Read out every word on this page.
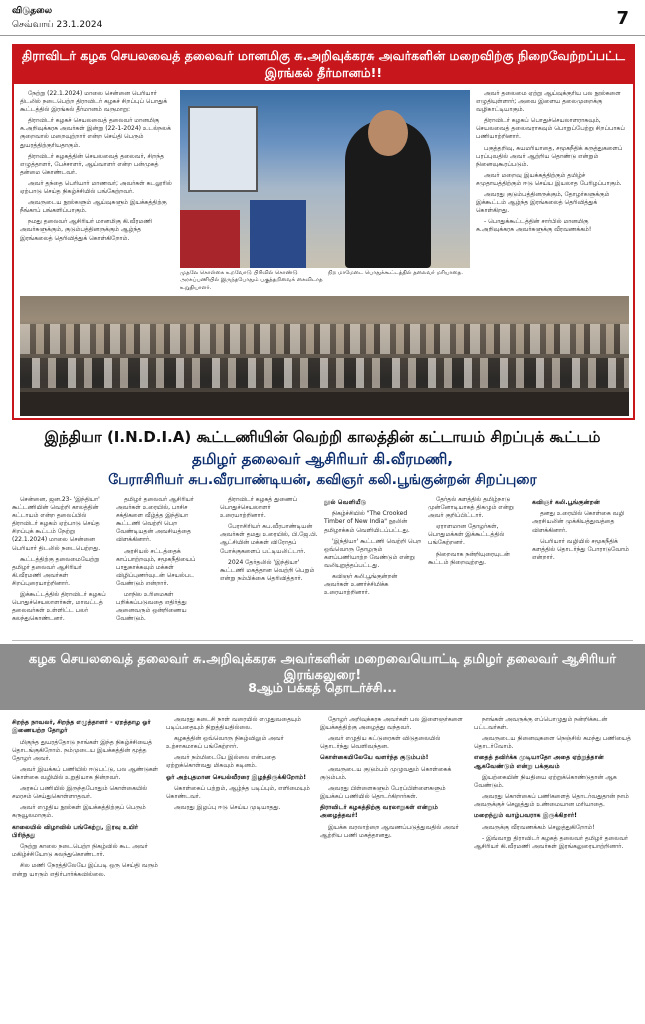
விடுதலை
செவ்வாய் 23.1.2024	7
திராவிடர் கழக செயலவைத் தலைவர் மானமிகு சு.அறிவுக்கரசு அவர்களின் மறைவிற்கு நிறைவேற்றப்பட்ட இரங்கல் தீர்மானம்!!

நேற்று (22.1.2024) மாலை சென்னை பெரியார் திடலில் நடைபெற்ற திராவிடர் கழகச் சிறப்புப் பொதுக் கூட்டத்தில் இரங்கல் தீர்மானம் வருமாறு:

திராவிடர் கழகச் செயலவைத் தலைவர் மானமிகு சு.அறிவுக்கரசு அவர்கள் இன்று (22-1-2024) உடல்நலக் குறைவால் மறைவுற்றார் என்ற செய்தி பெரும் துயரத்திற்குரியதாகும்.

திராவிடர் கழகத்தின் செயலவைத் தலைவர், சிறந்த எழுத்தாளர், பேச்சாளர், ஆய்வாளர் என்ற பன்முகத் தன்மை கொண்டவர்.

அவர் தந்தை பெரியார் மாணவர்; அவர்கள் கடலூரில் ஏற்பாடு செய்த நிகழ்ச்சியில் பங்கேற்றவர்.

அவருடைய நூல்களும் ஆய்வுகளும் இயக்கத்திற்கு நீங்காப் பங்களிப்பாகும்.

நமது தலைவர் ஆசிரியர் மானமிகு கி.வீரமணி அவர்களுக்கும், குடும்பத்தினருக்கும் ஆழ்ந்த இரங்கலைத் தெரிவித்துக் கொள்கிறோம்.

முதலே கொள்கை உறவோடு பிரிவில் கொண்டு அரசுப்பணியில் இருந்தபோதும் பகுத்தறிவைக் கைவிடாத உறுதியாளர்.
நிற மாமேடை பொதுக்கூட்டத்தில் தலைவர் மரியாதை.

அவர் தலைமை ஏற்று ஆய்வுக்குரிய பல நூல்களை எழுதியுள்ளார்; அவை இளைய தலைமுறைக்கு வழிகாட்டியாகும்.

திராவிடர் கழகப் பொதுச்செயலாளராகவும், செயலவைத் தலைவராகவும் பொறுப்பேற்று சிறப்பாகப் பணியாற்றினார்.

பகுத்தறிவு, சுயமரியாதை, சமூகநீதிக் கருத்துகளைப் பரப்புவதில் அவர் ஆற்றிய தொண்டு என்றும் நினைவுகூரப்படும்.

அவர் மறைவு இயக்கத்திற்கும் தமிழ்ச் சமுதாயத்திற்கும் ஈடு செய்ய இயலாத பேரிழப்பாகும்.

அவரது குடும்பத்தினருக்கும், தோழர்களுக்கும் இக்கூட்டம் ஆழ்ந்த இரங்கலைத் தெரிவித்துக் கொள்கிறது.

- பொதுக்கூட்டத்தின் சார்பில் மானமிகு சு.அறிவுக்கரசு அவர்களுக்கு வீரவணக்கம்!

இந்தியா (I.N.D.I.A) கூட்டணியின் வெற்றி காலத்தின் கட்டாயம் சிறப்புக் கூட்டம்
தமிழர் தலைவர் ஆசிரியர் கி.வீரமணி,
பேராசிரியர் சுப.வீரபாண்டியன், கவிஞர் கலி.பூங்குன்றன் சிறப்புரை

சென்னை, ஜன.23- 'இந்தியா' கூட்டணியின் வெற்றி காலத்தின் கட்டாயம் என்ற தலைப்பில் திராவிடர் கழகம் ஏற்பாடு செய்த சிறப்புக் கூட்டம் நேற்று (22.1.2024) மாலை சென்னை பெரியார் திடலில் நடைபெற்றது.

கூட்டத்திற்கு தலைமையேற்று தமிழர் தலைவர் ஆசிரியர் கி.வீரமணி அவர்கள் சிறப்புரையாற்றினார்.

இக்கூட்டத்தில் திராவிடர் கழகப் பொதுச்செயலாளர்கள், மாவட்டத் தலைவர்கள் உள்ளிட்ட பலர் கலந்துகொண்டனர்.

தமிழர் தலைவர் ஆசிரியர் அவர்கள் உரையில், பாசிச சக்திகளை வீழ்த்த இந்தியா கூட்டணி வெற்றி பெற வேண்டியதன் அவசியத்தை விளக்கினார்.

அரசியல் சட்டத்தைக் காப்பாற்றவும், சமூகநீதியைப் பாதுகாக்கவும் மக்கள் விழிப்புணர்வுடன் செயல்பட வேண்டும் என்றார்.

மாநில உரிமைகள் பறிக்கப்படுவதை எதிர்த்து அனைவரும் ஒன்றிணைய வேண்டும்.

திராவிடர் கழகத் துணைப் பொதுச்செயலாளர் உரையாற்றினார்.

பேராசிரியர் சுப.வீரபாண்டியன் அவர்கள் தமது உரையில், பி.ஜே.பி. ஆட்சியின் மக்கள் விரோதப் போக்குகளைப் பட்டியலிட்டார்.

2024 தேர்தலில் 'இந்தியா' கூட்டணி மகத்தான வெற்றி பெறும் என்று நம்பிக்கை தெரிவித்தார்.

நூல் வெளியீடு

நிகழ்ச்சியில் "The Crooked Timber of New India" நூலின் தமிழாக்கம் வெளியிடப்பட்டது.

'இந்தியா' கூட்டணி வெற்றி பெற ஒவ்வொரு தோழரும் களப்பணியாற்ற வேண்டும் என்று வலியுறுத்தப்பட்டது.

கவிஞர் கலி.பூங்குன்றன் அவர்கள் உணர்ச்சிமிக்க உரையாற்றினார்.

தேர்தல் களத்தில் தமிழ்நாடு முன்னோடியாகத் திகழும் என்று அவர் குறிப்பிட்டார்.

ஏராளமான தோழர்கள், பொதுமக்கள் இக்கூட்டத்தில் பங்கேற்றனர்.

நிறைவாக நன்றியுரையுடன் கூட்டம் நிறைவுற்றது.

கவிஞர் கலி.பூங்குன்றன்

தனது உரையில் கொள்கை வழி அரசியலின் முக்கியத்துவத்தை விளக்கினார்.

பெரியார் வழியில் சமூகநீதிக் களத்தில் தொடர்ந்து போராடுவோம் என்றார்.

கழக செயலவைத் தலைவர் சு.அறிவுக்கரசு அவர்களின் மறைவையொட்டி தமிழர் தலைவர் ஆசிரியர் இரங்கலுரை!
8ஆம் பக்கத் தொடர்ச்சி...

சிறந்த நாவலர், சிறந்த எழுத்தாளர் - ஏறத்தாழ ஓர் இணையற்ற தோழர்

மிகுந்த துயரத்தோடு நாங்கள் இந்த நிகழ்ச்சியைத் தொடங்குகிறோம். நம்முடைய இயக்கத்தின் மூத்த தோழர் அவர்.

அவர் இயக்கப் பணியில் ஈடுபட்டு, பல ஆண்டுகள் கொள்கை வழியில் உறுதியாக நின்றவர்.

அரசுப் பணியில் இருந்தபோதும் கொள்கையில் சமரசம் செய்துகொள்ளாதவர்.

அவர் எழுதிய நூல்கள் இயக்கத்திற்குப் பெரும் கருவூலமாகும்.

காலையில் விழாவில் பங்கேற்று, இரவு உயிர் பிரிந்தது

நேற்று காலை நடைபெற்ற நிகழ்வில் கூட அவர் மகிழ்ச்சியோடு கலந்துகொண்டார்.

சில மணி நேரத்திலேயே இப்படி ஒரு செய்தி வரும் என்று யாரும் எதிர்பார்க்கவில்லை.

அவரது கடைசி நாள் வரையில் எழுதுவதையும் படிப்பதையும் நிறுத்தியதில்லை.

கழகத்தின் ஒவ்வொரு நிகழ்விலும் அவர் உற்சாகமாகப் பங்கேற்றார்.

அவர் நம்மிடையே இல்லை என்பதை ஏற்றுக்கொள்வது மிகவும் கடினம்.

ஓர் அற்புதமான செயல்வீரரை இழந்திருக்கிறோம்!

கொள்கைப் பற்றும், ஆழ்ந்த படிப்பும், எளிமையும் கொண்டவர்.

அவரது இழப்பு ஈடு செய்ய முடியாதது.

தோழர் அறிவுக்கரசு அவர்கள் பல இளைஞர்களை இயக்கத்திற்கு அழைத்து வந்தவர்.

அவர் எழுதிய கட்டுரைகள் விடுதலையில் தொடர்ந்து வெளிவந்தன.

கொள்கையிலேயே வளர்ந்த குடும்பம்!

அவருடைய குடும்பம் முழுவதும் கொள்கைக் குடும்பம்.

அவரது பிள்ளைகளும் பேரப்பிள்ளைகளும் இயக்கப் பணியில் தொடர்கிறார்கள்.

திராவிடர் கழகத்திற்கு வரலாறுகள் என்றும் அழைத்தவர்!

இயக்க வரலாற்றை ஆவணப்படுத்துவதில் அவர் ஆற்றிய பணி மகத்தானது.

நாங்கள் அவருக்கு எப்பொழுதும் நன்றிக்கடன் பட்டவர்கள்.

அவருடைய நினைவுகளை நெஞ்சில் சுமந்து பணியைத் தொடர்வோம்.

எதைத் தவிர்க்க முடியாதோ அதை ஏற்றுத்தான் ஆகவேண்டும் என்று பக்குவம்

இயற்கையின் நியதியை ஏற்றுக்கொண்டுதான் ஆக வேண்டும்.

அவரது கொள்கைப் பணிகளைத் தொடர்வதுதான் நாம் அவருக்குச் செலுத்தும் உண்மையான மரியாதை.

மறைந்தும் வாழ்பவராக இருக்கிறார்!

அவருக்கு வீரவணக்கம் செலுத்துகிறோம்!

- இவ்வாறு திராவிடர் கழகத் தலைவர் தமிழர் தலைவர் ஆசிரியர் கி.வீரமணி அவர்கள் இரங்கலுரையாற்றினார்.
